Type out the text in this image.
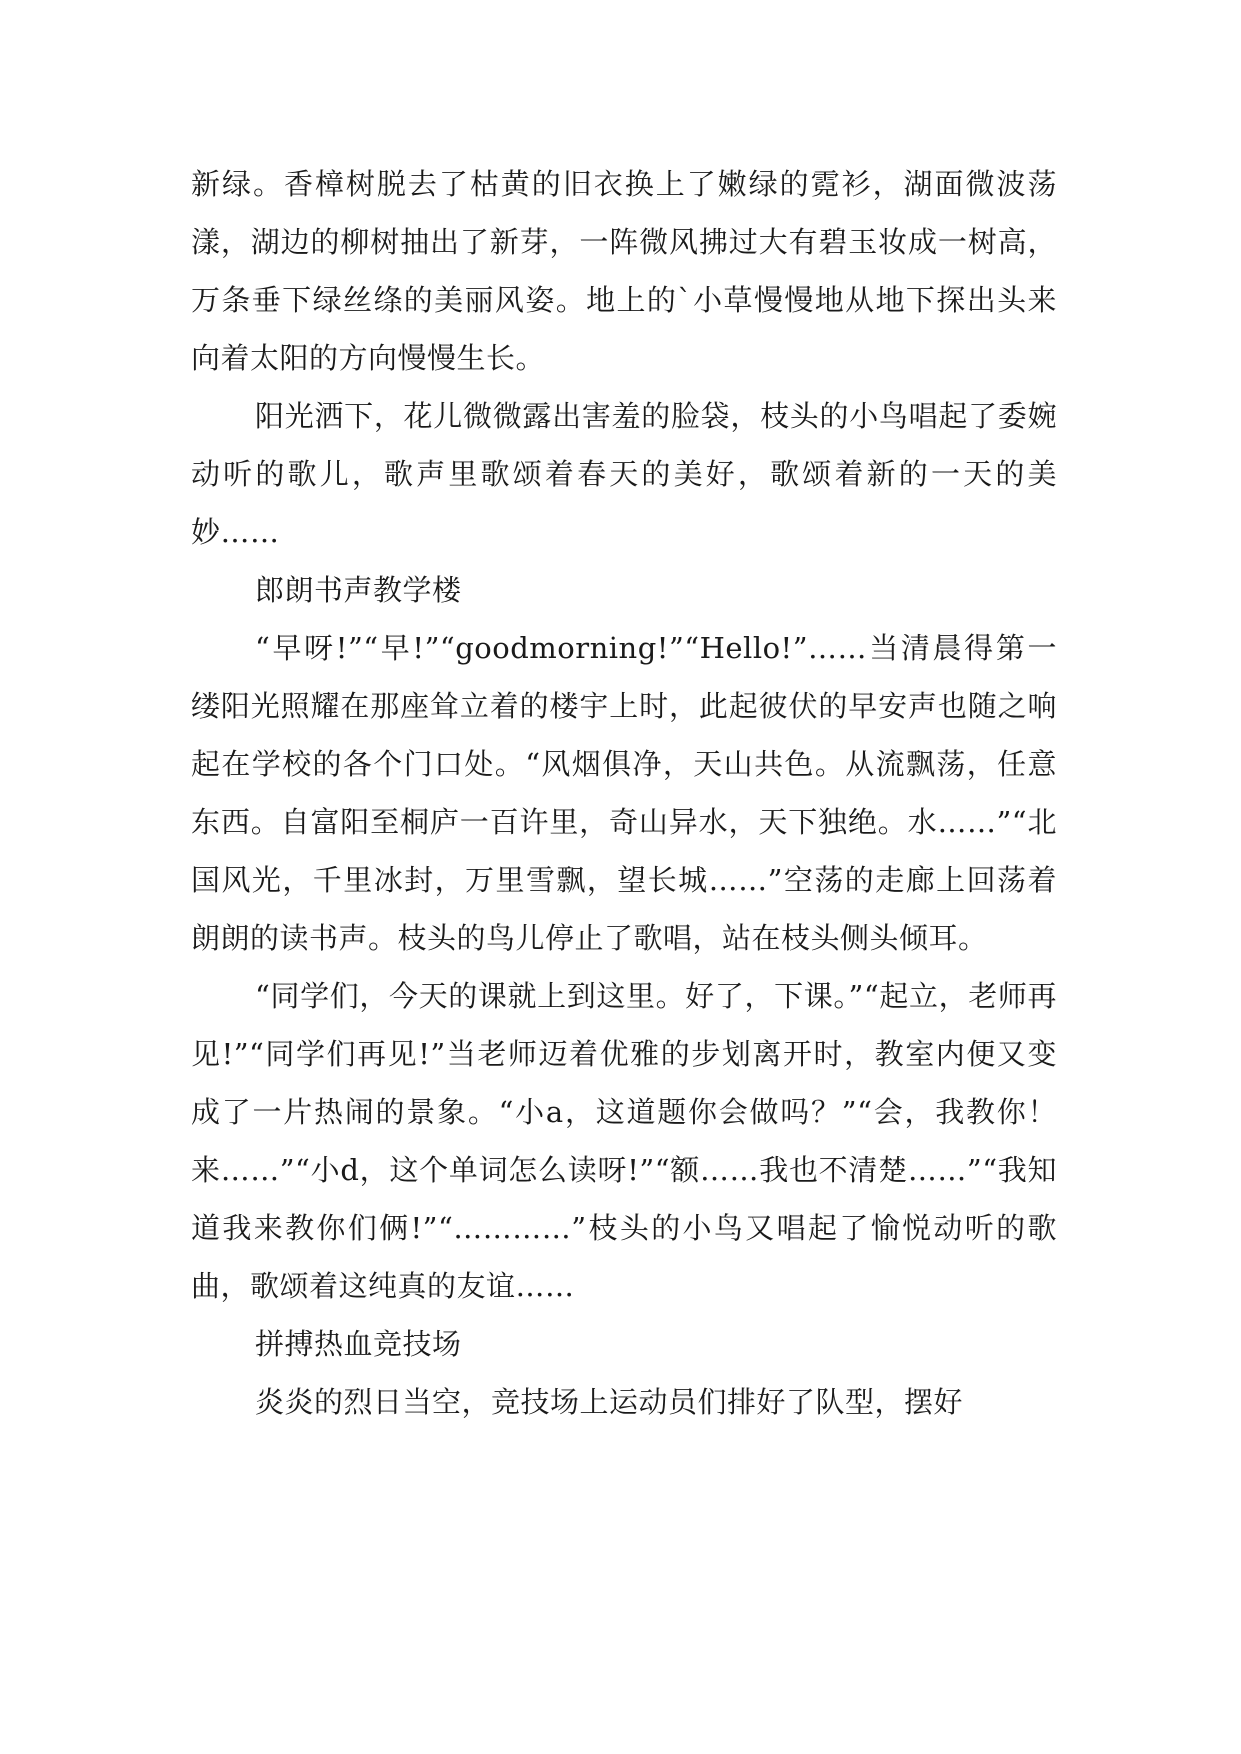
新绿。香樟树脱去了枯黄的旧衣换上了嫩绿的霓衫，湖面微波荡漾，湖边的柳树抽出了新芽，一阵微风拂过大有碧玉妆成一树高，万条垂下绿丝绦的美丽风姿。地上的`小草慢慢地从地下探出头来向着太阳的方向慢慢生长。

阳光洒下，花儿微微露出害羞的脸袋，枝头的小鸟唱起了委婉动听的歌儿，歌声里歌颂着春天的美好，歌颂着新的一天的美妙……

郎朗书声教学楼

“早呀!”“早!”“goodmorning!”“Hello!”……当清晨得第一缕阳光照耀在那座耸立着的楼宇上时，此起彼伏的早安声也随之响起在学校的各个门口处。“风烟俱净，天山共色。从流飘荡，任意东西。自富阳至桐庐一百许里，奇山异水，天下独绝。水……”“北国风光，千里冰封，万里雪飘，望长城……”空荡的走廊上回荡着朗朗的读书声。枝头的鸟儿停止了歌唱，站在枝头侧头倾耳。

“同学们，今天的课就上到这里。好了，下课。”“起立，老师再见!”“同学们再见!”当老师迈着优雅的步划离开时，教室内便又变成了一片热闹的景象。“小a，这道题你会做吗？”“会，我教你！来……”“小d，这个单词怎么读呀!”“额……我也不清楚……”“我知道我来教你们俩!”“…………”枝头的小鸟又唱起了愉悦动听的歌曲，歌颂着这纯真的友谊……

拼搏热血竞技场

炎炎的烈日当空，竞技场上运动员们排好了队型，摆好
